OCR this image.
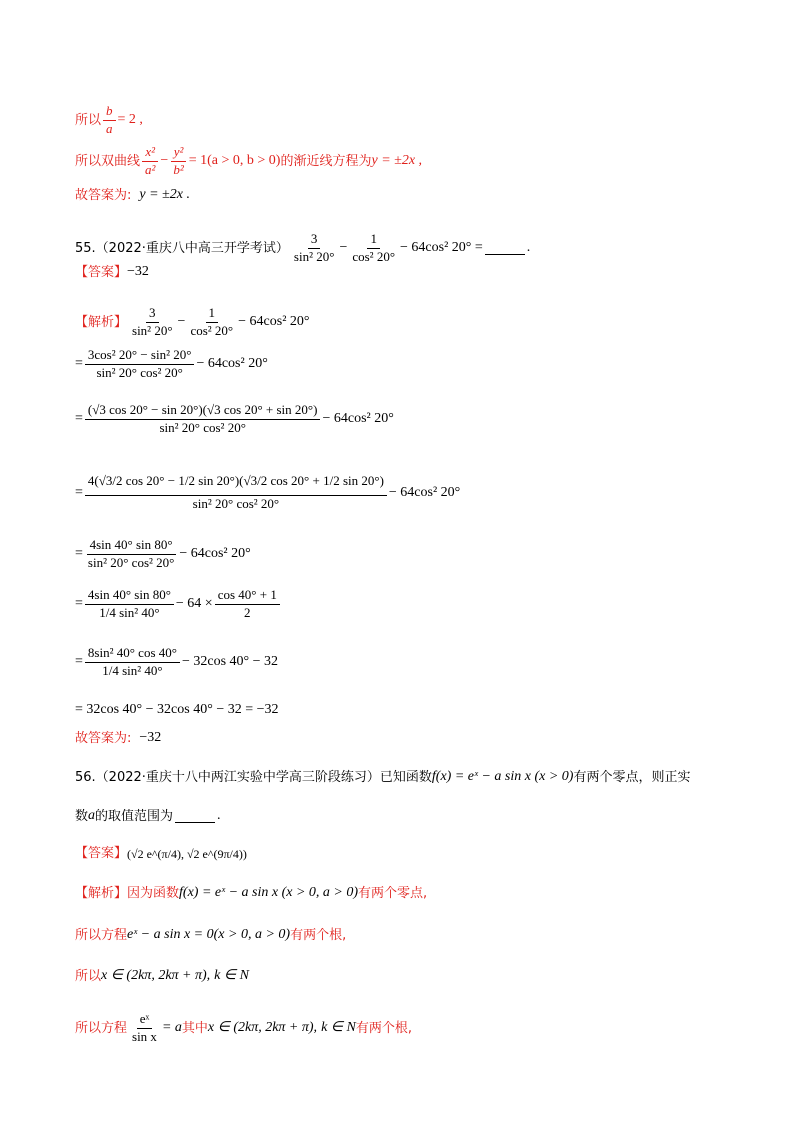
所以 $\frac{b}{a} = 2$ ,
所以双曲线 $\frac{\text{x²}}{\text{a²}} - \frac{\text{y²}}{\text{b²}} = 1(a > 0$, b > 0) 的渐近线方程为 y = ±2x ,
故答案为: y = ±2x .
55.（2022·重庆八中高三开学考试） $\frac{3}{\text{sin² 20°}} - \frac{1}{\text{cos² 20°}} - 64\cos^2$ 20° =	.
【答案】 −32
【解析】 $\frac{3}{\text{sin² 20°}} - \frac{1}{\text{cos² 20°}} - 64\cos^2$ 20°
= $\frac{\text{3cos² 20° − sin² 20°}}{\text{sin² 20° cos² 20°}} - 64\cos^2$ 20°
= $\frac{(√3 \cos 20^\circ - \sin 20^\circ)(√3 \cos 20^\circ + \sin 20^\circ)}{\text{sin² 20° cos² 20°}} - 64\cos^2$ 20°
= $\frac{4(√3/2 \cos 20^\circ - 1/2 \sin 20^\circ)(√3/2 \cos 20^\circ + 1/2 \sin 20^\circ)}{\text{sin² 20° cos² 20°}} - 64\cos^2$ 20°
= $\frac{4\sin 40^\circ \sin 80^\circ}{\text{sin² 20° cos² 20°}} - 64\cos^2$ 20°
= $\frac{4\sin 40^\circ \sin 80^\circ}{\text{1/4 sin² 40°}} - 64 \times \frac{\cos 40^\circ + 1}{2}$
= $\frac{\text{8sin² 40° cos 40°}}{\text{1/4 sin² 40°}} - 32\cos$ 40° − 32
= 32cos 40° − 32cos 40° − 32 = −32
故答案为: −32
56.（2022·重庆十八中两江实验中学高三阶段练习）已知函数 f(x) = eˣ − a sin x (x > 0) 有两个零点，则正实
数 a 的取值范围为	.
【答案】 (√2 e^(π/4), √2 e^(9π/4))
【解析】 因为函数 f(x) = eˣ − a sin x (x > 0, a > 0) 有两个零点,
所以方程 eˣ − a sin x = 0(x > 0, a > 0) 有两个根,
所以 x ∈ (2kπ, 2kπ + π), k ∈ N
所以方程 $\frac{\text{eˣ}}{\text{sin x}} = a$ 其中 x ∈ (2kπ, 2kπ + π), k ∈ N 有两个根,
